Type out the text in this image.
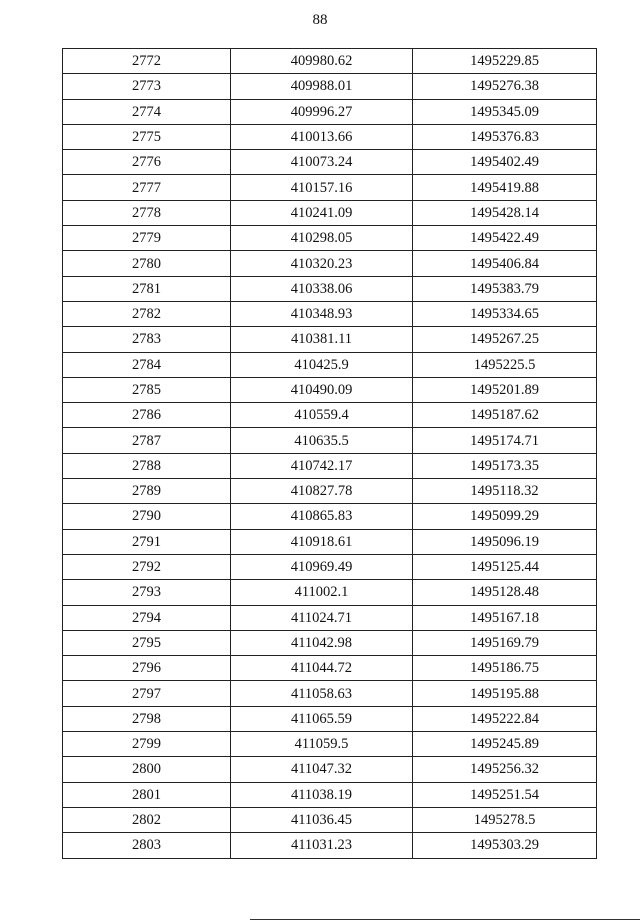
88
2772	409980.62	1495229.85
2773	409988.01	1495276.38
2774	409996.27	1495345.09
2775	410013.66	1495376.83
2776	410073.24	1495402.49
2777	410157.16	1495419.88
2778	410241.09	1495428.14
2779	410298.05	1495422.49
2780	410320.23	1495406.84
2781	410338.06	1495383.79
2782	410348.93	1495334.65
2783	410381.11	1495267.25
2784	410425.9	1495225.5
2785	410490.09	1495201.89
2786	410559.4	1495187.62
2787	410635.5	1495174.71
2788	410742.17	1495173.35
2789	410827.78	1495118.32
2790	410865.83	1495099.29
2791	410918.61	1495096.19
2792	410969.49	1495125.44
2793	411002.1	1495128.48
2794	411024.71	1495167.18
2795	411042.98	1495169.79
2796	411044.72	1495186.75
2797	411058.63	1495195.88
2798	411065.59	1495222.84
2799	411059.5	1495245.89
2800	411047.32	1495256.32
2801	411038.19	1495251.54
2802	411036.45	1495278.5
2803	411031.23	1495303.29
